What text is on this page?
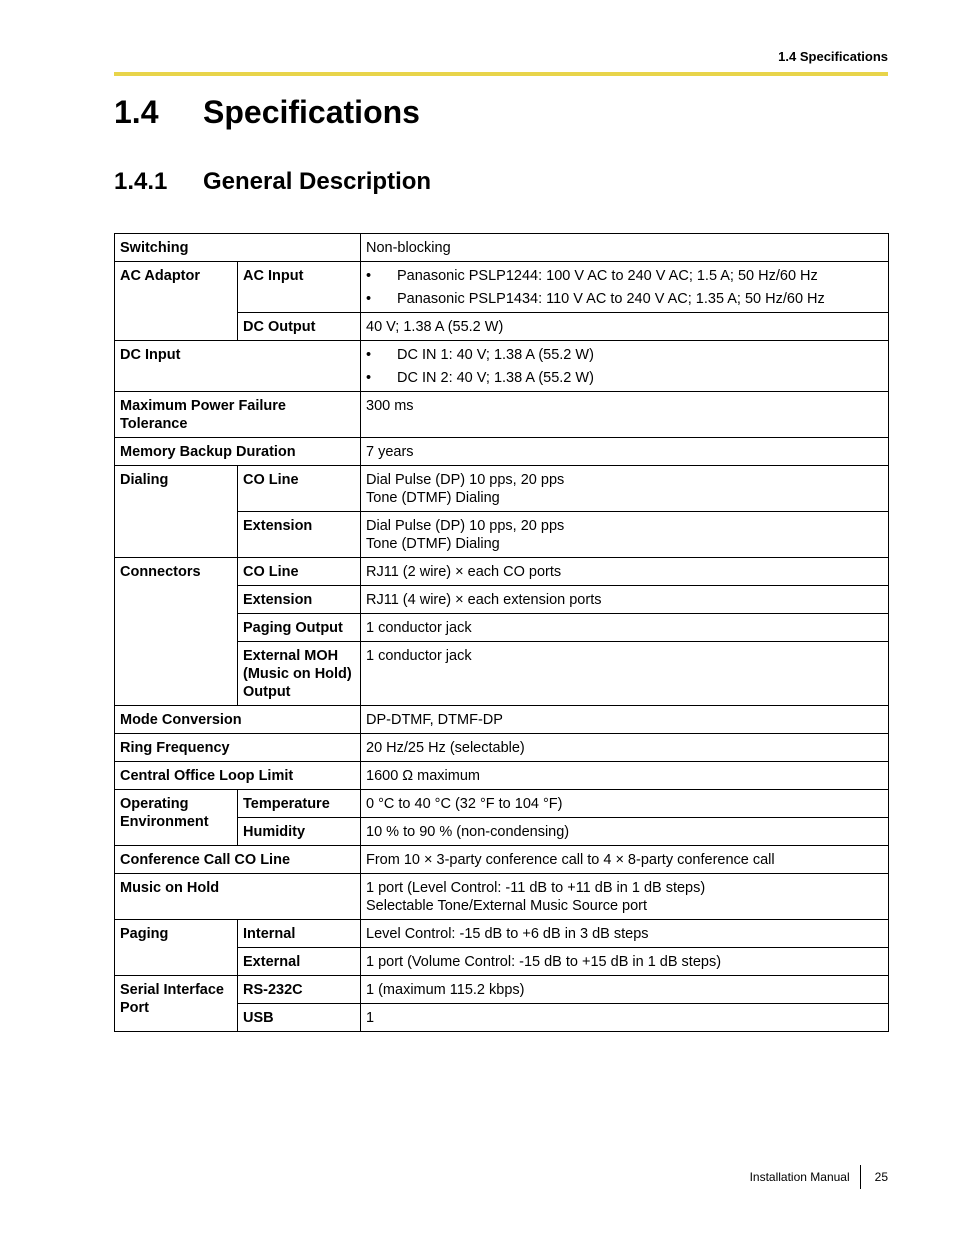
1.4 Specifications
1.4 Specifications
1.4.1 General Description
Switching		Non-blocking
AC Adaptor	AC Input	• Panasonic PSLP1244: 100 V AC to 240 V AC; 1.5 A; 50 Hz/60 Hz
• Panasonic PSLP1434: 110 V AC to 240 V AC; 1.35 A; 50 Hz/60 Hz

	DC Output	40 V; 1.38 A (55.2 W)
DC Input		• DC IN 1: 40 V; 1.38 A (55.2 W)
• DC IN 2: 40 V; 1.38 A (55.2 W)

Maximum Power Failure Tolerance		300 ms
Memory Backup Duration		7 years
Dialing	CO Line	Dial Pulse (DP) 10 pps, 20 pps
Tone (DTMF) Dialing

	Extension	Dial Pulse (DP) 10 pps, 20 pps
Tone (DTMF) Dialing

Connectors	CO Line	RJ11 (2 wire) × each CO ports
	Extension	RJ11 (4 wire) × each extension ports
	Paging Output	1 conductor jack

	External MOH
(Music on Hold)
Output	1 conductor jack
Mode Conversion		DP-DTMF, DTMF-DP
Ring Frequency		20 Hz/25 Hz (selectable)
Central Office Loop Limit		1600 Ω maximum

Operating
Environment	Temperature	0 °C to 40 °C (32 °F to 104 °F)
	Humidity	10 % to 90 % (non-condensing)
Conference Call CO Line		From 10 × 3-party conference call to 4 × 8-party conference call
Music on Hold		1 port (Level Control: -11 dB to +11 dB in 1 dB steps)
Selectable Tone/External Music Source port

Paging	Internal	Level Control: -15 dB to +6 dB in 3 dB steps
	External	1 port (Volume Control: -15 dB to +15 dB in 1 dB steps)

Serial Interface
Port	RS-232C	1 (maximum 115.2 kbps)
	USB	1
Installation Manual 25
